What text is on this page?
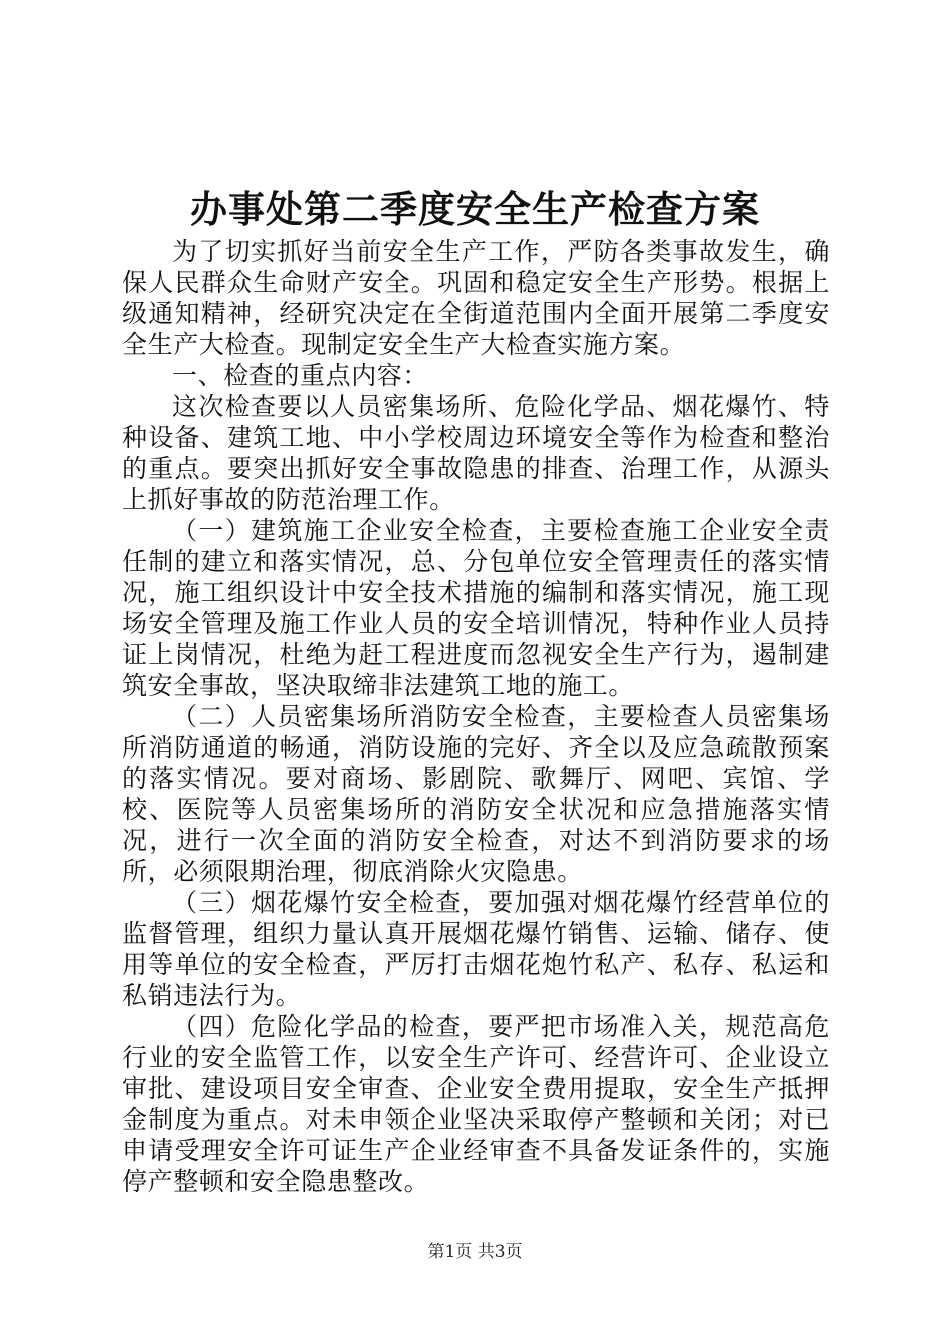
办事处第二季度安全生产检查方案

为了切实抓好当前安全生产工作，严防各类事故发生，确保人民群众生命财产安全。巩固和稳定安全生产形势。根据上级通知精神，经研究决定在全街道范围内全面开展第二季度安全生产大检查。现制定安全生产大检查实施方案。

一、检查的重点内容：

这次检查要以人员密集场所、危险化学品、烟花爆竹、特种设备、建筑工地、中小学校周边环境安全等作为检查和整治的重点。要突出抓好安全事故隐患的排查、治理工作，从源头上抓好事故的防范治理工作。

（一）建筑施工企业安全检查，主要检查施工企业安全责任制的建立和落实情况，总、分包单位安全管理责任的落实情况，施工组织设计中安全技术措施的编制和落实情况，施工现场安全管理及施工作业人员的安全培训情况，特种作业人员持证上岗情况，杜绝为赶工程进度而忽视安全生产行为，遏制建筑安全事故，坚决取缔非法建筑工地的施工。

（二）人员密集场所消防安全检查，主要检查人员密集场所消防通道的畅通，消防设施的完好、齐全以及应急疏散预案的落实情况。要对商场、影剧院、歌舞厅、网吧、宾馆、学校、医院等人员密集场所的消防安全状况和应急措施落实情况，进行一次全面的消防安全检查，对达不到消防要求的场所，必须限期治理，彻底消除火灾隐患。

（三）烟花爆竹安全检查，要加强对烟花爆竹经营单位的监督管理，组织力量认真开展烟花爆竹销售、运输、储存、使用等单位的安全检查，严厉打击烟花炮竹私产、私存、私运和私销违法行为。

（四）危险化学品的检查，要严把市场准入关，规范高危行业的安全监管工作，以安全生产许可、经营许可、企业设立审批、建设项目安全审查、企业安全费用提取，安全生产抵押金制度为重点。对未申领企业坚决采取停产整顿和关闭；对已申请受理安全许可证生产企业经审查不具备发证条件的，实施停产整顿和安全隐患整改。

第1页 共3页
